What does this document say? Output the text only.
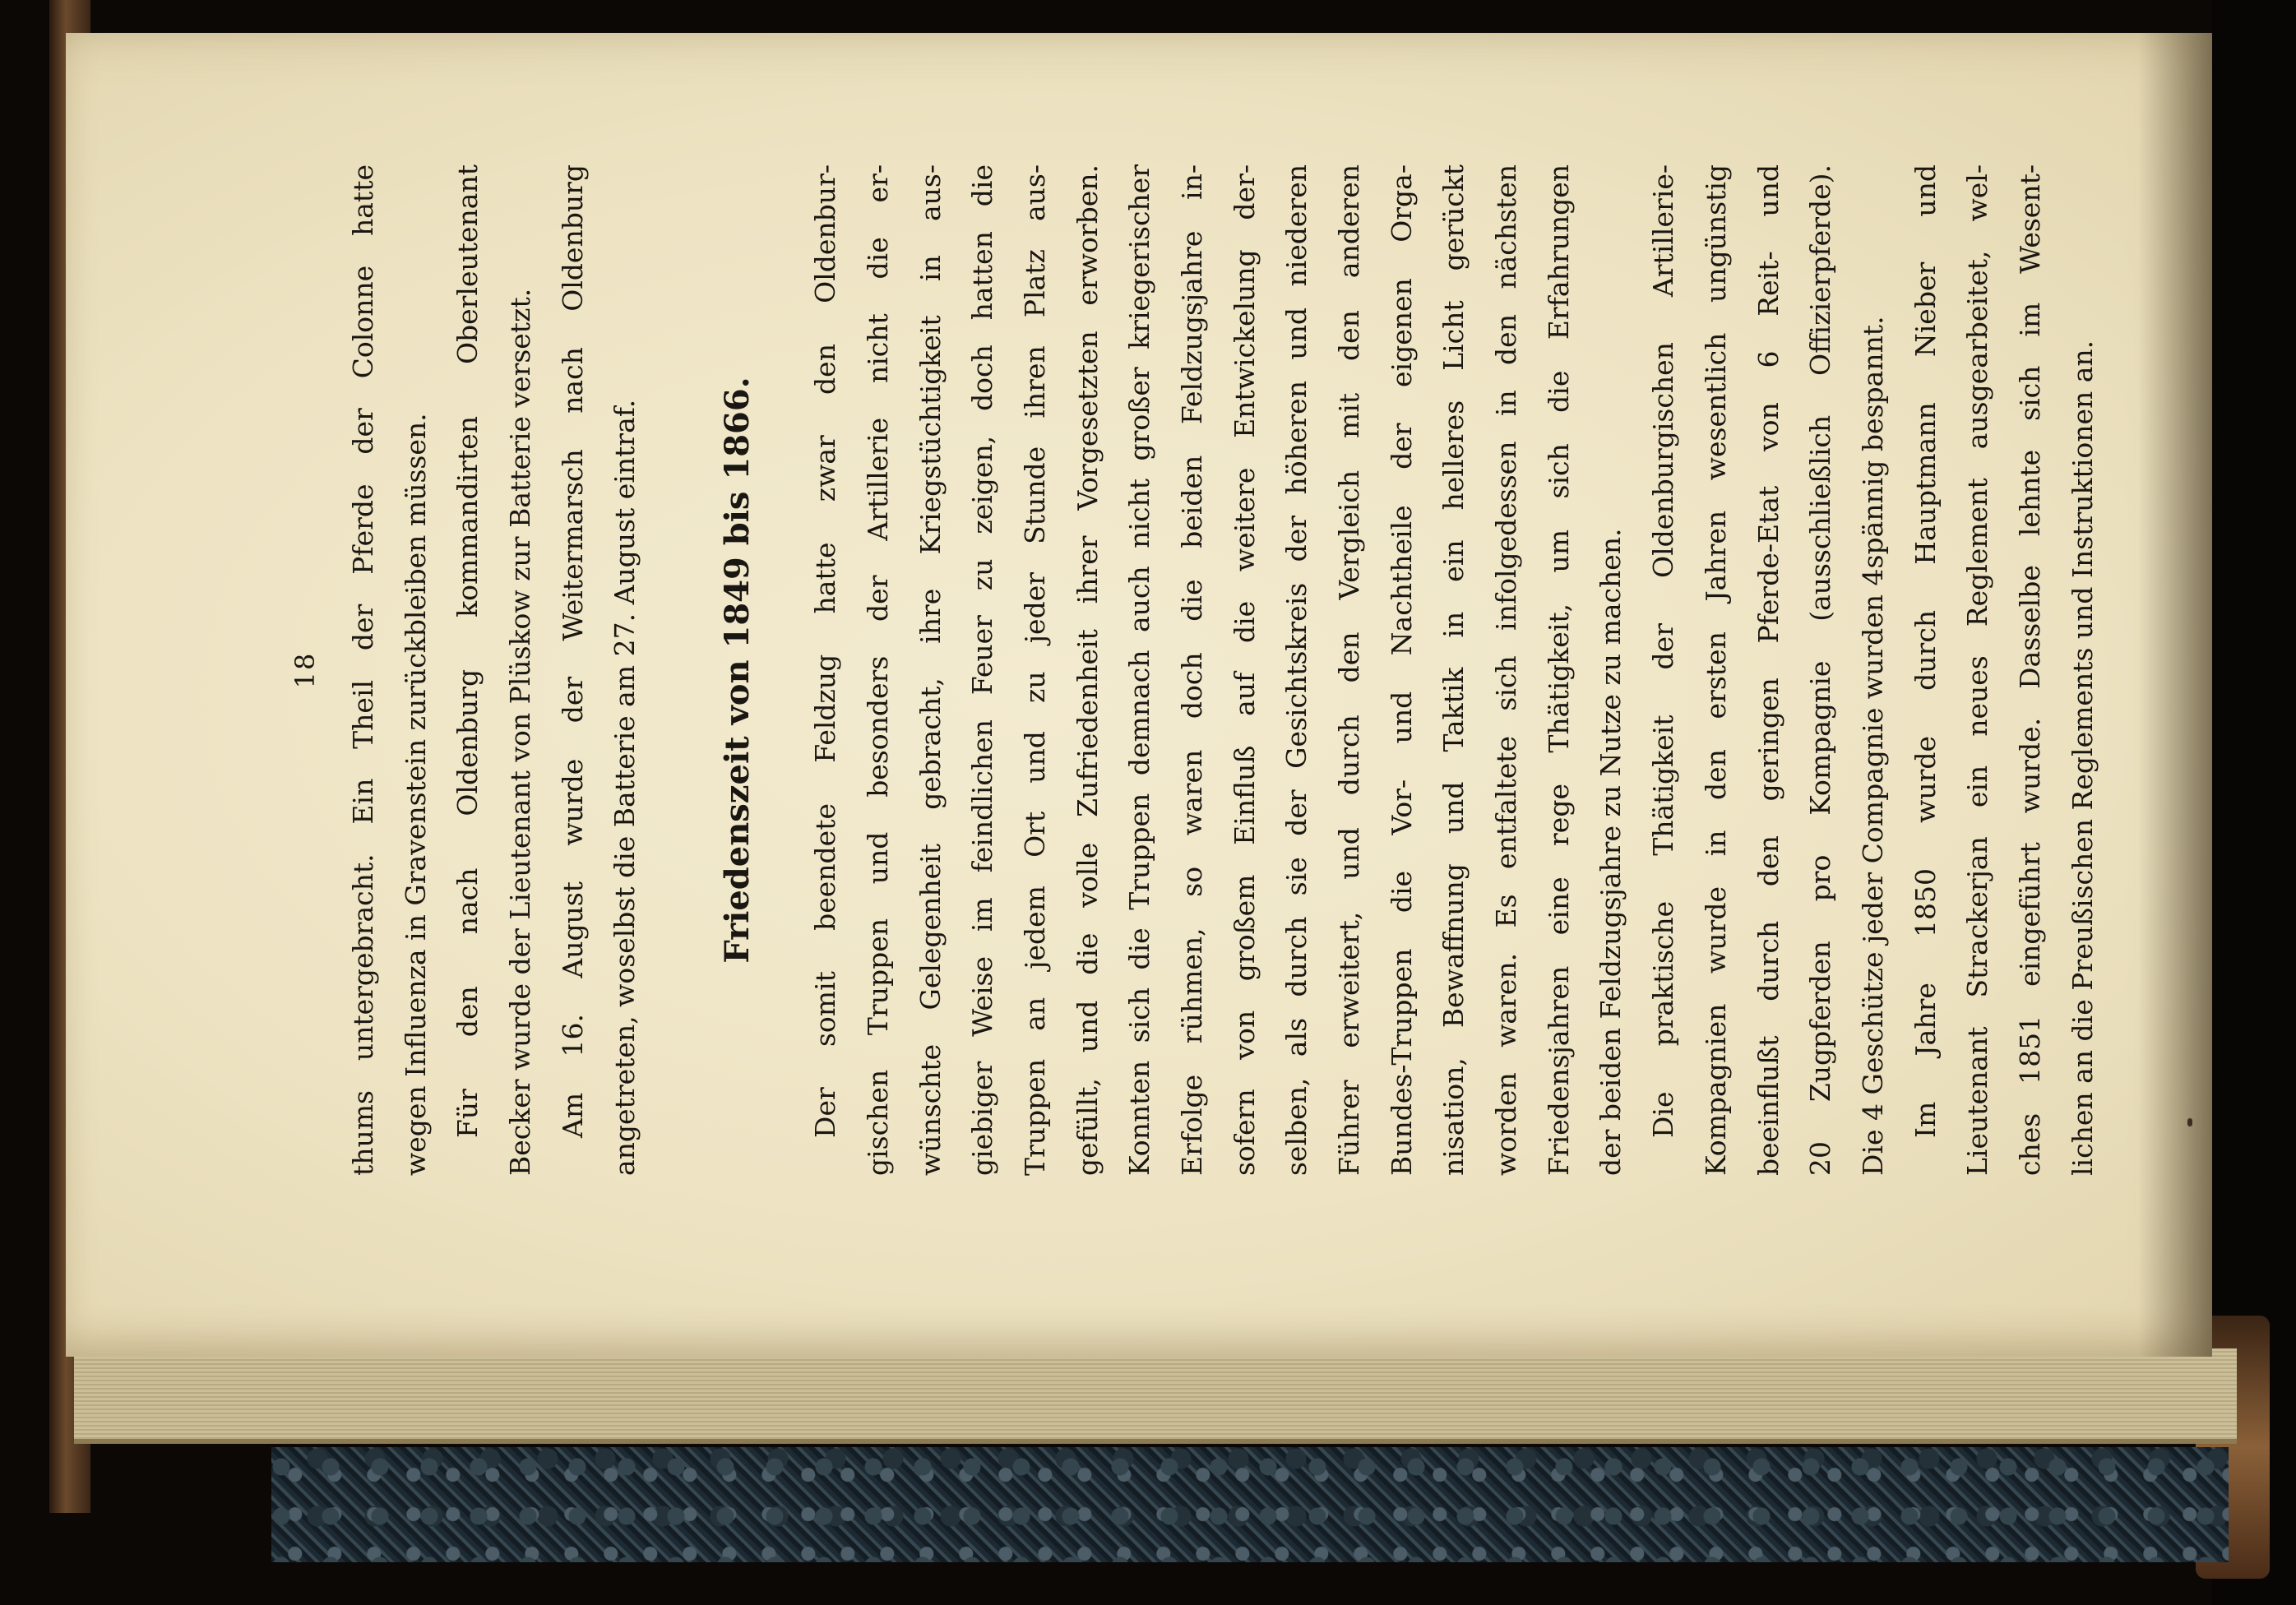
18 thums untergebracht. Ein Theil der Pferde der Colonne hatte wegen Influenza in Gravenstein zurückbleiben müssen. Für den nach Oldenburg kommandirten Oberleutenant Becker wurde der Lieutenant von Plüskow zur Batterie versetzt. Am 16. August wurde der Weitermarsch nach Oldenburg angetreten, woselbst die Batterie am 27. August eintraf.	Friedenszeit von 1849 bis 1866.	Der somit beendete Feldzug hatte zwar den Oldenbur- gischen Truppen und besonders der Artillerie nicht die er- wünschte Gelegenheit gebracht, ihre Kriegstüchtigkeit in aus- giebiger Weise im feindlichen Feuer zu zeigen, doch hatten die Truppen an jedem Ort und zu jeder Stunde ihren Platz aus- gefüllt, und die volle Zufriedenheit ihrer Vorgesetzten erworben. Konnten sich die Truppen demnach auch nicht großer kriegerischer Erfolge rühmen, so waren doch die beiden Feldzugsjahre in- sofern von großem Einfluß auf die weitere Entwickelung der- selben, als durch sie der Gesichtskreis der höheren und niederen Führer erweitert, und durch den Vergleich mit den anderen Bundes-Truppen die Vor- und Nachtheile der eigenen Orga- nisation, Bewaffnung und Taktik in ein helleres Licht gerückt worden waren. Es entfaltete sich infolgedessen in den nächsten Friedensjahren eine rege Thätigkeit, um sich die Erfahrungen der beiden Feldzugsjahre zu Nutze zu machen. Die praktische Thätigkeit der Oldenburgischen Artillerie- Kompagnien wurde in den ersten Jahren wesentlich ungünstig beeinflußt durch den geringen Pferde-Etat von 6 Reit- und 20 Zugpferden pro Kompagnie (ausschließlich Offizierpferde). Die 4 Geschütze jeder Compagnie wurden 4spännig bespannt. Im Jahre 1850 wurde durch Hauptmann Nieber und Lieutenant Strackerjan ein neues Reglement ausgearbeitet, wel- ches 1851 eingeführt wurde. Dasselbe lehnte sich im Wesent- lichen an die Preußischen Reglements und Instruktionen an.
